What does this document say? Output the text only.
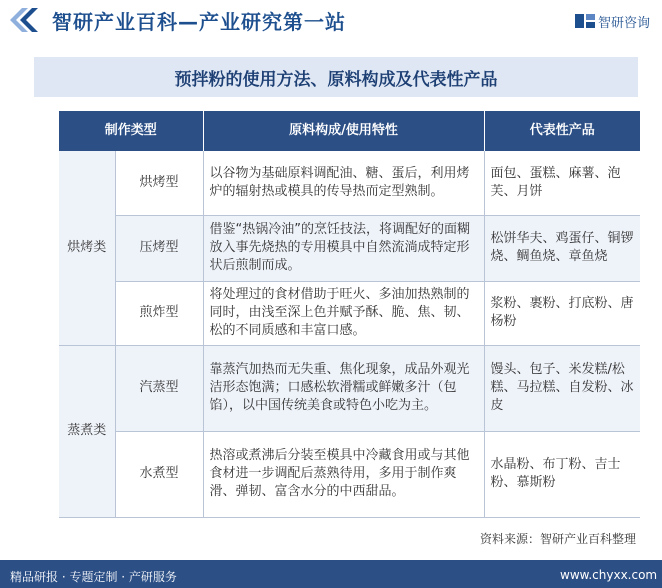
智研产业百科—产业研究第一站	智研咨询
预拌粉的使用方法、原料构成及代表性产品
制作类型		原料构成/使用特性	代表性产品
烘烤类	烘烤型	以谷物为基础原料调配油、糖、蛋后，利用烤炉的辐射热或模具的传导热而定型熟制。	面包、蛋糕、麻薯、泡芙、月饼
	压烤型	借鉴“热锅冷油”的烹饪技法，将调配好的面糊放入事先烧热的专用模具中自然流淌成特定形状后煎制而成。	松饼华夫、鸡蛋仔、铜锣烧、鲷鱼烧、章鱼烧
	煎炸型	将处理过的食材借助于旺火、多油加热熟制的同时，由浅至深上色并赋予酥、脆、焦、韧、松的不同质感和丰富口感。	浆粉、裹粉、打底粉、唐杨粉
蒸煮类	汽蒸型	靠蒸汽加热而无失重、焦化现象，成品外观光洁形态饱满；口感松软滑糯或鲜嫩多汁（包馅），以中国传统美食或特色小吃为主。	馒头、包子、米发糕/松糕、马拉糕、自发粉、冰皮
	水煮型	热溶或煮沸后分装至模具中冷藏食用或与其他食材进一步调配后蒸熟待用，多用于制作爽滑、弹韧、富含水分的中西甜品。	水晶粉、布丁粉、吉士粉、慕斯粉
资料来源：智研产业百科整理
精品研报 · 专题定制 · 产研服务	www.chyxx.com
